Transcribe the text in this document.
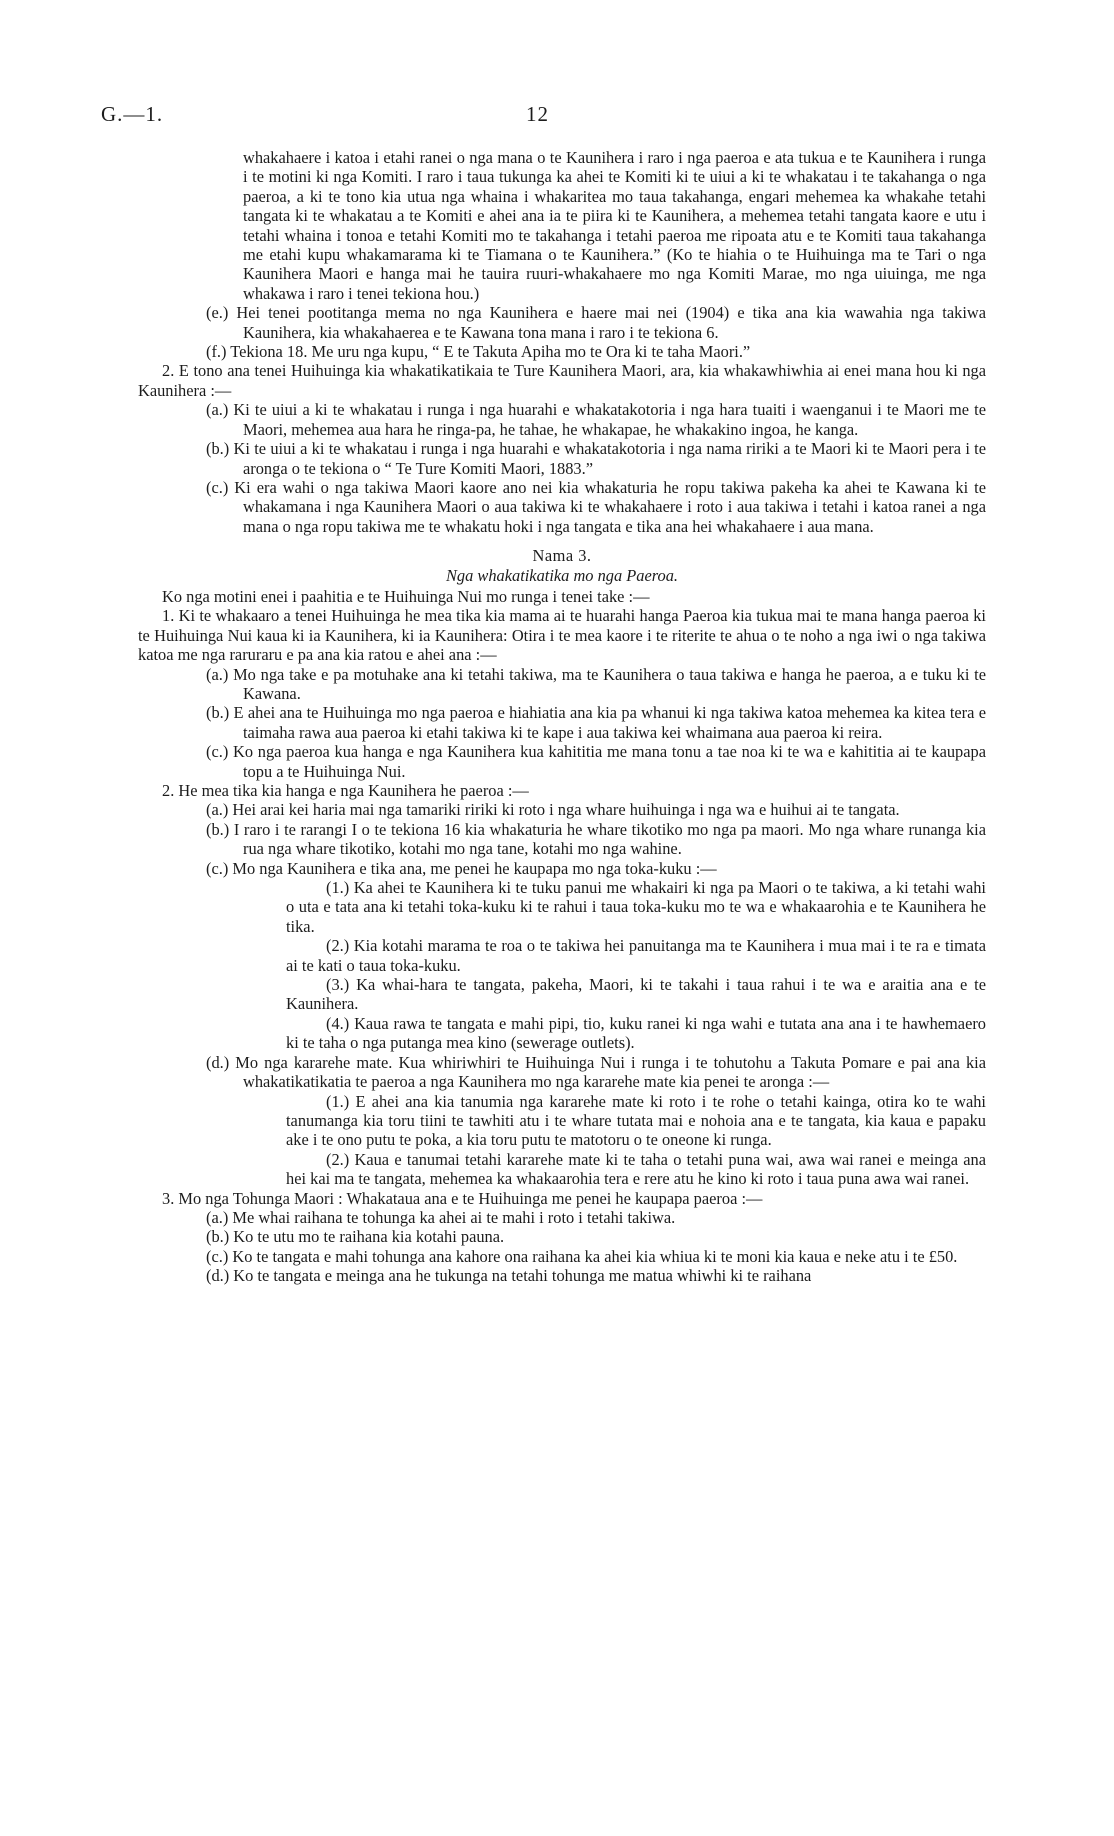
G.—1.	12

whakahaere i katoa i etahi ranei o nga mana o te Kaunihera i raro i nga paeroa e ata tukua e te Kaunihera i runga i te motini ki nga Komiti. I raro i taua tukunga ka ahei te Komiti ki te uiui a ki te whakatau i te takahanga o nga paeroa, a ki te tono kia utua nga whaina i whakaritea mo taua takahanga, engari mehemea ka whakahe tetahi tangata ki te whakatau a te Komiti e ahei ana ia te piira ki te Kaunihera, a mehemea tetahi tangata kaore e utu i tetahi whaina i tonoa e tetahi Komiti mo te takahanga i tetahi paeroa me ripoata atu e te Komiti taua takahanga me etahi kupu whakamarama ki te Tiamana o te Kaunihera.” (Ko te hiahia o te Huihuinga ma te Tari o nga Kaunihera Maori e hanga mai he tauira ruuri-whakahaere mo nga Komiti Marae, mo nga uiuinga, me nga whakawa i raro i tenei tekiona hou.)

(e.) Hei tenei pootitanga mema no nga Kaunihera e haere mai nei (1904) e tika ana kia wawahia nga takiwa Kaunihera, kia whakahaerea e te Kawana tona mana i raro i te tekiona 6.

(f.) Tekiona 18. Me uru nga kupu, “ E te Takuta Apiha mo te Ora ki te taha Maori.”

2. E tono ana tenei Huihuinga kia whakatikatikaia te Ture Kaunihera Maori, ara, kia whakawhiwhia ai enei mana hou ki nga Kaunihera :—

(a.) Ki te uiui a ki te whakatau i runga i nga huarahi e whakatakotoria i nga hara tuaiti i waenganui i te Maori me te Maori, mehemea aua hara he ringa-pa, he tahae, he whakapae, he whakakino ingoa, he kanga.

(b.) Ki te uiui a ki te whakatau i runga i nga huarahi e whakatakotoria i nga nama ririki a te Maori ki te Maori pera i te aronga o te tekiona o “ Te Ture Komiti Maori, 1883.”

(c.) Ki era wahi o nga takiwa Maori kaore ano nei kia whakaturia he ropu takiwa pakeha ka ahei te Kawana ki te whakamana i nga Kaunihera Maori o aua takiwa ki te whakahaere i roto i aua takiwa i tetahi i katoa ranei a nga mana o nga ropu takiwa me te whakatu hoki i nga tangata e tika ana hei whakahaere i aua mana.

Nama 3.

Nga whakatikatika mo nga Paeroa.

Ko nga motini enei i paahitia e te Huihuinga Nui mo runga i tenei take :—

1. Ki te whakaaro a tenei Huihuinga he mea tika kia mama ai te huarahi hanga Paeroa kia tukua mai te mana hanga paeroa ki te Huihuinga Nui kaua ki ia Kaunihera, ki ia Kaunihera: Otira i te mea kaore i te riterite te ahua o te noho a nga iwi o nga takiwa katoa me nga raruraru e pa ana kia ratou e ahei ana :—

(a.) Mo nga take e pa motuhake ana ki tetahi takiwa, ma te Kaunihera o taua takiwa e hanga he paeroa, a e tuku ki te Kawana.

(b.) E ahei ana te Huihuinga mo nga paeroa e hiahiatia ana kia pa whanui ki nga takiwa katoa mehemea ka kitea tera e taimaha rawa aua paeroa ki etahi takiwa ki te kape i aua takiwa kei whaimana aua paeroa ki reira.

(c.) Ko nga paeroa kua hanga e nga Kaunihera kua kahititia me mana tonu a tae noa ki te wa e kahititia ai te kaupapa topu a te Huihuinga Nui.

2. He mea tika kia hanga e nga Kaunihera he paeroa :—

(a.) Hei arai kei haria mai nga tamariki ririki ki roto i nga whare huihuinga i nga wa e huihui ai te tangata.

(b.) I raro i te rarangi I o te tekiona 16 kia whakaturia he whare tikotiko mo nga pa maori. Mo nga whare runanga kia rua nga whare tikotiko, kotahi mo nga tane, kotahi mo nga wahine.

(c.) Mo nga Kaunihera e tika ana, me penei he kaupapa mo nga toka-kuku :—

(1.) Ka ahei te Kaunihera ki te tuku panui me whakairi ki nga pa Maori o te takiwa, a ki tetahi wahi o uta e tata ana ki tetahi toka-kuku ki te rahui i taua toka-kuku mo te wa e whakaarohia e te Kaunihera he tika.

(2.) Kia kotahi marama te roa o te takiwa hei panuitanga ma te Kaunihera i mua mai i te ra e timata ai te kati o taua toka-kuku.

(3.) Ka whai-hara te tangata, pakeha, Maori, ki te takahi i taua rahui i te wa e araitia ana e te Kaunihera.

(4.) Kaua rawa te tangata e mahi pipi, tio, kuku ranei ki nga wahi e tutata ana ana i te hawhemaero ki te taha o nga putanga mea kino (sewerage outlets).

(d.) Mo nga kararehe mate. Kua whiriwhiri te Huihuinga Nui i runga i te tohutohu a Takuta Pomare e pai ana kia whakatikatikatia te paeroa a nga Kaunihera mo nga kararehe mate kia penei te aronga :—

(1.) E ahei ana kia tanumia nga kararehe mate ki roto i te rohe o tetahi kainga, otira ko te wahi tanumanga kia toru tiini te tawhiti atu i te whare tutata mai e nohoia ana e te tangata, kia kaua e papaku ake i te ono putu te poka, a kia toru putu te matotoru o te oneone ki runga.

(2.) Kaua e tanumai tetahi kararehe mate ki te taha o tetahi puna wai, awa wai ranei e meinga ana hei kai ma te tangata, mehemea ka whakaarohia tera e rere atu he kino ki roto i taua puna awa wai ranei.

3. Mo nga Tohunga Maori : Whakataua ana e te Huihuinga me penei he kaupapa paeroa :—

(a.) Me whai raihana te tohunga ka ahei ai te mahi i roto i tetahi takiwa.

(b.) Ko te utu mo te raihana kia kotahi pauna.

(c.) Ko te tangata e mahi tohunga ana kahore ona raihana ka ahei kia whiua ki te moni kia kaua e neke atu i te £50.

(d.) Ko te tangata e meinga ana he tukunga na tetahi tohunga me matua whiwhi ki te raihana
